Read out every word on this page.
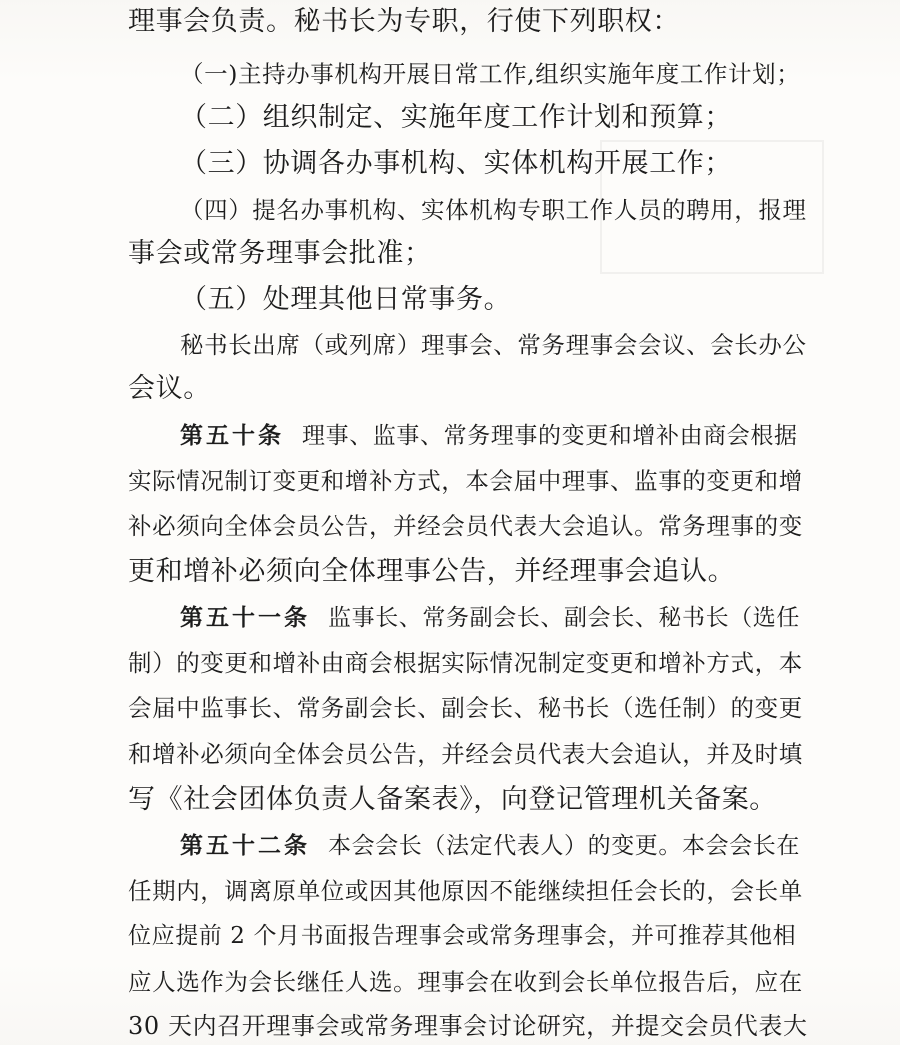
理事会负责。秘书长为专职，行使下列职权：
（一)主持办事机构开展日常工作,组织实施年度工作计划；
（二）组织制定、实施年度工作计划和预算；
（三）协调各办事机构、实体机构开展工作；
（四）提名办事机构、实体机构专职工作人员的聘用，报理
事会或常务理事会批准；
（五）处理其他日常事务。
秘书长出席（或列席）理事会、常务理事会会议、会长办公
会议。
第五十条 理事、监事、常务理事的变更和增补由商会根据
实际情况制订变更和增补方式，本会届中理事、监事的变更和增
补必须向全体会员公告，并经会员代表大会追认。常务理事的变
更和增补必须向全体理事公告，并经理事会追认。
第五十一条 监事长、常务副会长、副会长、秘书长（选任
制）的变更和增补由商会根据实际情况制定变更和增补方式，本
会届中监事长、常务副会长、副会长、秘书长（选任制）的变更
和增补必须向全体会员公告，并经会员代表大会追认，并及时填
写《社会团体负责人备案表》，向登记管理机关备案。
第五十二条 本会会长（法定代表人）的变更。本会会长在
任期内，调离原单位或因其他原因不能继续担任会长的，会长单
位应提前 2 个月书面报告理事会或常务理事会，并可推荐其他相
应人选作为会长继任人选。理事会在收到会长单位报告后，应在
30 天内召开理事会或常务理事会讨论研究，并提交会员代表大
